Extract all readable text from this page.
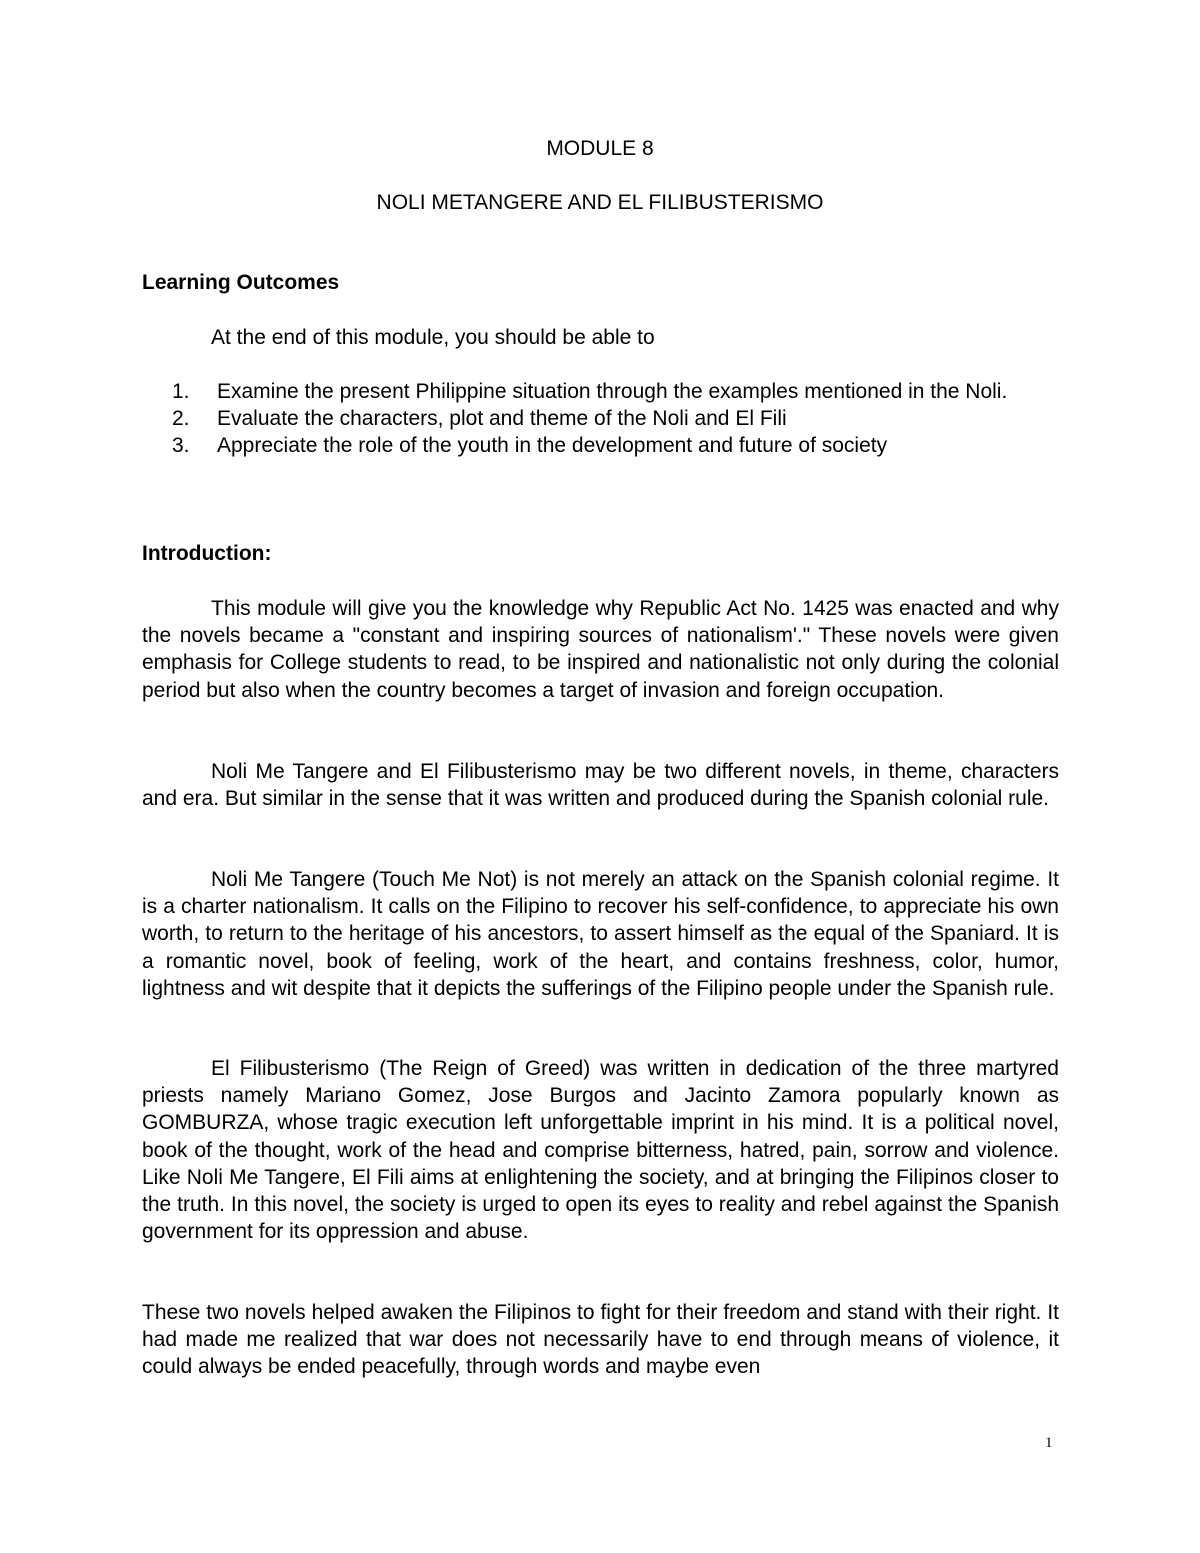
MODULE 8
NOLI METANGERE AND EL FILIBUSTERISMO
Learning Outcomes

At the end of this module, you should be able to

1.	Examine the present Philippine situation through the examples mentioned in the Noli.
2.	Evaluate the characters, plot and theme of the Noli and El Fili
3.	Appreciate the role of the youth in the development and future of society
Introduction:

This module will give you the knowledge why Republic Act No. 1425 was enacted and why the novels became a "constant and inspiring sources of nationalism'." These novels were given emphasis for College students to read, to be inspired and nationalistic not only during the colonial period but also when the country becomes a target of invasion and foreign occupation.

Noli Me Tangere and El Filibusterismo may be two different novels, in theme, characters and era. But similar in the sense that it was written and produced during the Spanish colonial rule.

Noli Me Tangere (Touch Me Not) is not merely an attack on the Spanish colonial regime. It is a charter nationalism. It calls on the Filipino to recover his self-confidence, to appreciate his own worth, to return to the heritage of his ancestors, to assert himself as the equal of the Spaniard. It is a romantic novel, book of feeling, work of the heart, and contains freshness, color, humor, lightness and wit despite that it depicts the sufferings of the Filipino people under the Spanish rule.

El Filibusterismo (The Reign of Greed) was written in dedication of the three martyred priests namely Mariano Gomez, Jose Burgos and Jacinto Zamora popularly known as GOMBURZA, whose tragic execution left unforgettable imprint in his mind. It is a political novel, book of the thought, work of the head and comprise bitterness, hatred, pain, sorrow and violence. Like Noli Me Tangere, El Fili aims at enlightening the society, and at bringing the Filipinos closer to the truth. In this novel, the society is urged to open its eyes to reality and rebel against the Spanish government for its oppression and abuse.

These two novels helped awaken the Filipinos to fight for their freedom and stand with their right. It had made me realized that war does not necessarily have to end through means of violence, it could always be ended peacefully, through words and maybe even

1
